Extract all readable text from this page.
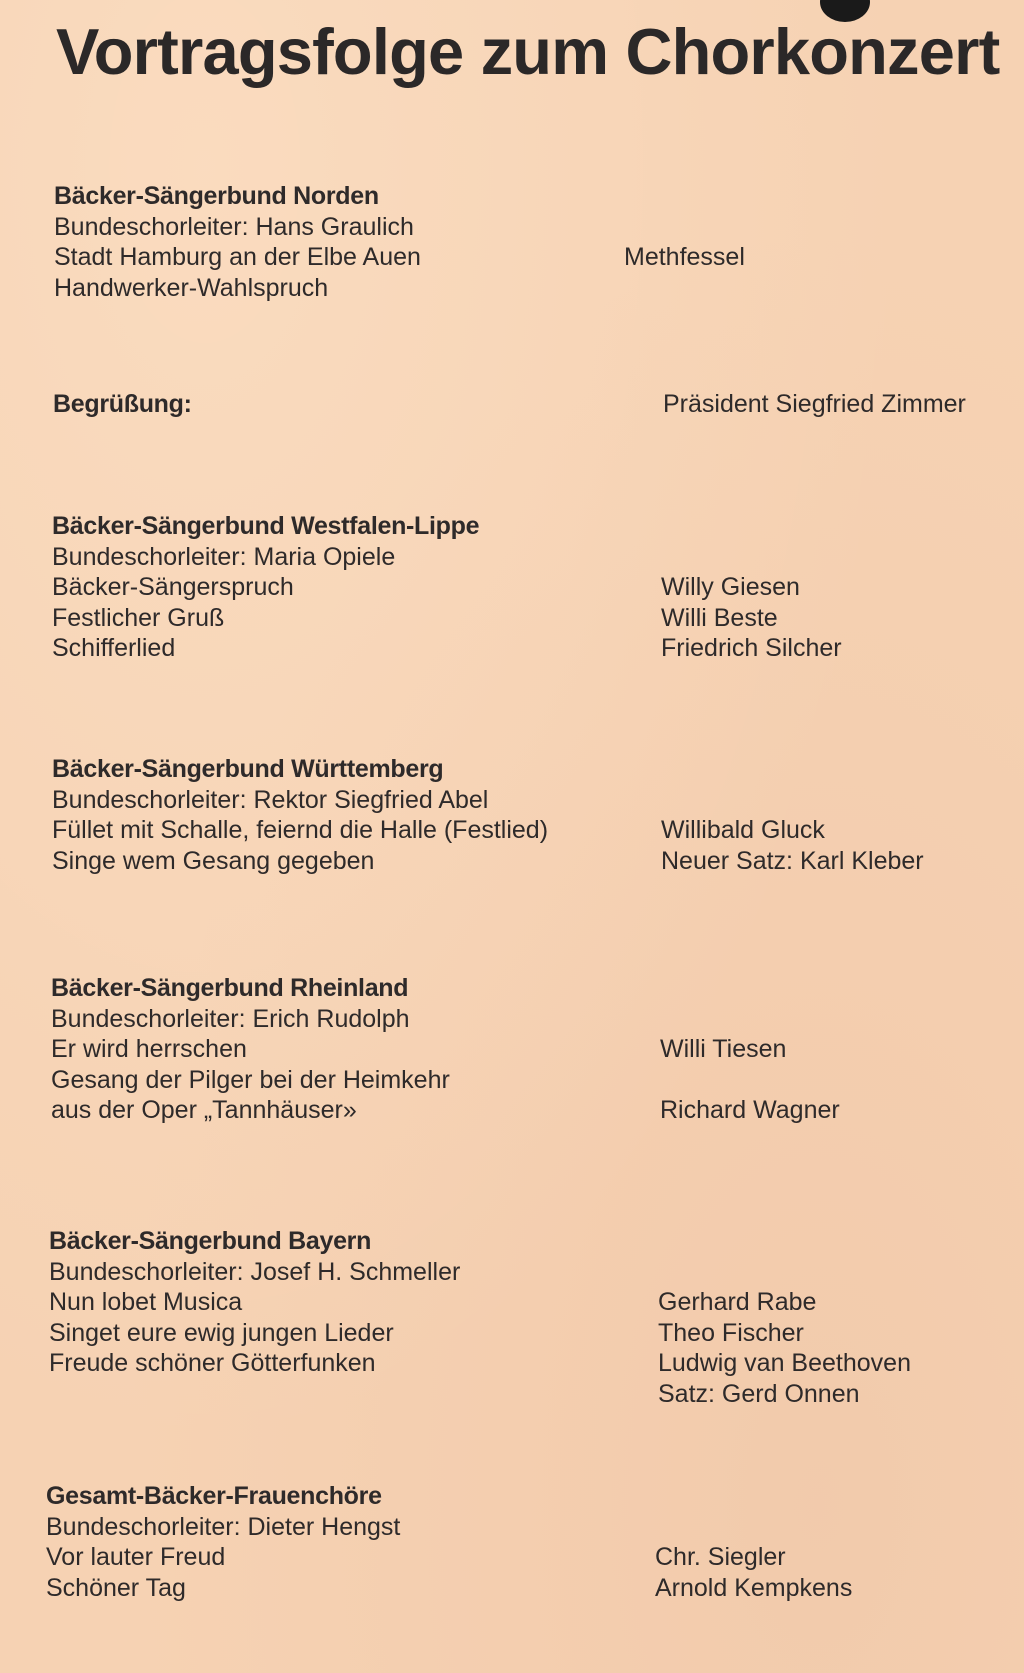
Vortragsfolge zum Chorkonzert
Bäcker-Sängerbund Norden
Bundeschorleiter: Hans Graulich
Stadt Hamburg an der Elbe Auen
Handwerker-Wahlspruch
Methfessel
Begrüßung:	Präsident Siegfried Zimmer
Bäcker-Sängerbund Westfalen-Lippe
Bundeschorleiter: Maria Opiele
Bäcker-Sängerspruch
Festlicher Gruß
Schifferlied
Willy Giesen
Willi Beste
Friedrich Silcher
Bäcker-Sängerbund Württemberg
Bundeschorleiter: Rektor Siegfried Abel
Füllet mit Schalle, feiernd die Halle (Festlied)
Singe wem Gesang gegeben
Willibald Gluck
Neuer Satz: Karl Kleber
Bäcker-Sängerbund Rheinland
Bundeschorleiter: Erich Rudolph
Er wird herrschen
Gesang der Pilger bei der Heimkehr
aus der Oper „Tannhäuser»
Willi Tiesen
Richard Wagner
Bäcker-Sängerbund Bayern
Bundeschorleiter: Josef H. Schmeller
Nun lobet Musica
Singet eure ewig jungen Lieder
Freude schöner Götterfunken
Gerhard Rabe
Theo Fischer
Ludwig van Beethoven
Satz: Gerd Onnen
Gesamt-Bäcker-Frauenchöre
Bundeschorleiter: Dieter Hengst
Vor lauter Freud
Schöner Tag
Chr. Siegler
Arnold Kempkens
